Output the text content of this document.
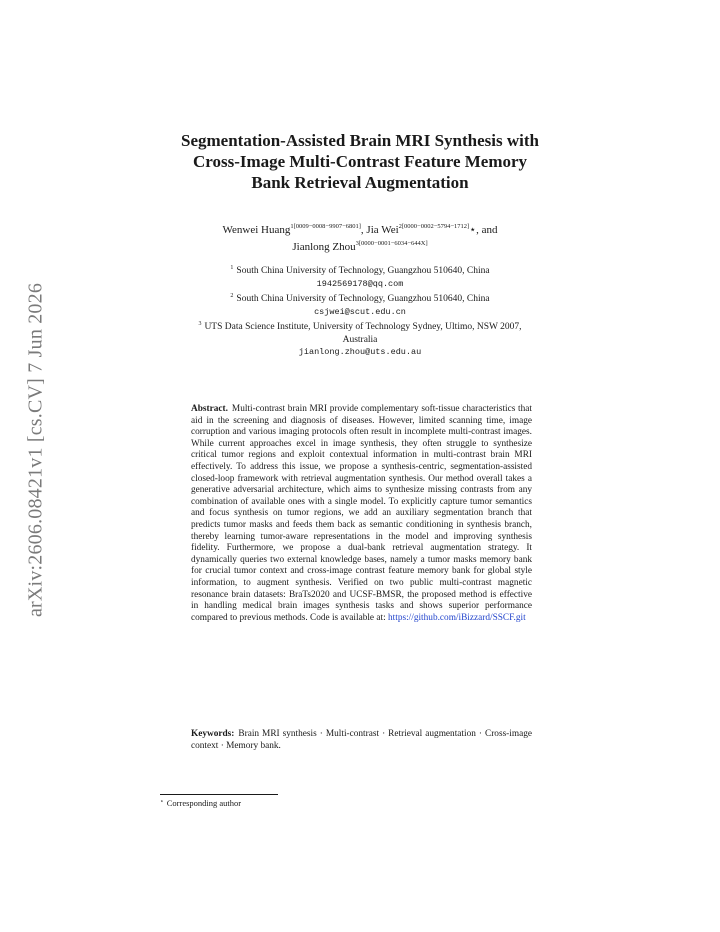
arXiv:2606.08421v1 [cs.CV] 7 Jun 2026
Segmentation-Assisted Brain MRI Synthesis with
Cross-Image Multi-Contrast Feature Memory
Bank Retrieval Augmentation
Wenwei Huang$^{1[0009-0008-9907-6801]}$, Jia Wei$^{2[0000-0002-5794-1712]}$⋆, and
Jianlong Zhou$^{3[0000-0001-6034-644X]}$
$^1$ South China University of Technology, Guangzhou 510640, China
1942569178@qq.com
$^2$ South China University of Technology, Guangzhou 510640, China
csjwei@scut.edu.cn
$^3$ UTS Data Science Institute, University of Technology Sydney, Ultimo, NSW 2007,
Australia
jianlong.zhou@uts.edu.au
Abstract. Multi-contrast brain MRI provide complementary soft-tissue characteristics that aid in the screening and diagnosis of diseases. However, limited scanning time, image corruption and various imaging protocols often result in incomplete multi-contrast images. While current approaches excel in image synthesis, they often struggle to synthesize critical tumor regions and exploit contextual information in multi-contrast brain MRI effectively. To address this issue, we propose a synthesis-centric, segmentation-assisted closed-loop framework with retrieval augmentation synthesis. Our method overall takes a generative adversarial architecture, which aims to synthesize missing contrasts from any combination of available ones with a single model. To explicitly capture tumor semantics and focus synthesis on tumor regions, we add an auxiliary segmentation branch that predicts tumor masks and feeds them back as semantic conditioning in synthesis branch, thereby learning tumor-aware representations in the model and improving synthesis fidelity. Furthermore, we propose a dual-bank retrieval augmentation strategy. It dynamically queries two external knowledge bases, namely a tumor masks memory bank for crucial tumor context and cross-image contrast feature memory bank for global style information, to augment synthesis. Verified on two public multi-contrast magnetic resonance brain datasets: BraTs2020 and UCSF-BMSR, the proposed method is effective in handling medical brain images synthesis tasks and shows superior performance compared to previous methods. Code is available at: https://github.com/iBizzard/SSCF.git
Keywords: Brain MRI synthesis · Multi-contrast · Retrieval augmentation · Cross-image context · Memory bank.
⋆ Corresponding author
